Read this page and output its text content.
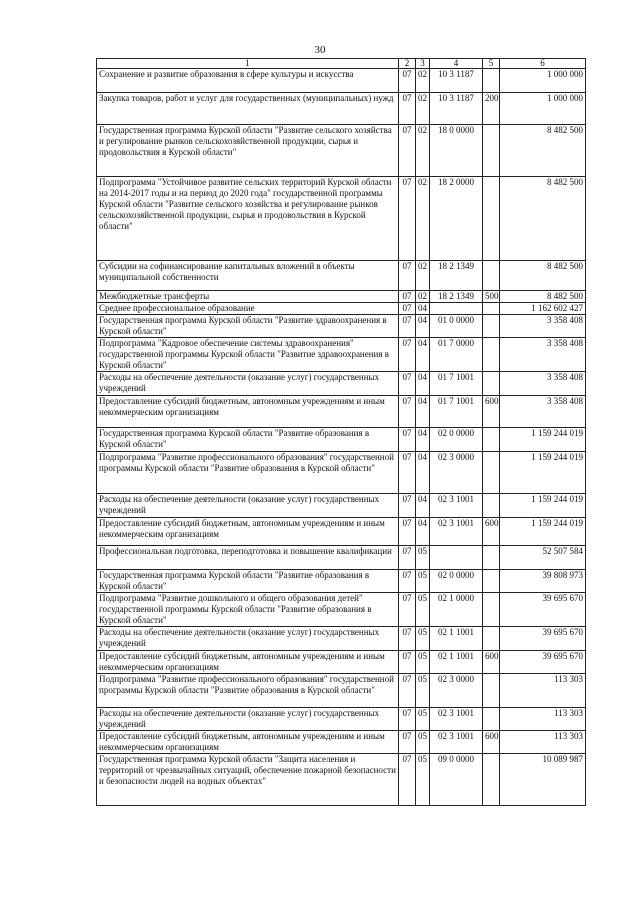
30
1	2	3	4	5	6
Сохранение и развитие образования в сфере культуры и искусства	07	02	10 3 1187		1 000 000
Закупка товаров, работ и услуг для государственных (муниципальных) нужд	07	02	10 3 1187	200	1 000 000
Государственная программа Курской области "Развитие сельского хозяйства и регулирование рынков сельскохозяйственной продукции, сырья и продовольствия в Курской области"	07	02	18 0 0000		8 482 500
Подпрограмма "Устойчивое развитие сельских территорий Курской области на 2014-2017 годы и на период до 2020 года" государственной программы Курской области "Развитие сельского хозяйства и регулирование рынков сельскохозяйственной продукции, сырья и продовольствия в Курской области"	07	02	18 2 0000		8 482 500
Субсидии на софинансирование капитальных вложений в объекты муниципальной собственности	07	02	18 2 1349		8 482 500
Межбюджетные трансферты	07	02	18 2 1349	500	8 482 500
Среднее профессиональное образование	07	04			1 162 602 427
Государственная программа Курской области "Развитие здравоохранения в Курской области"	07	04	01 0 0000		3 358 408
Подпрограмма "Кадровое обеспечение системы здравоохранения" государственной программы Курской области "Развитие здравоохранения в Курской области"	07	04	01 7 0000		3 358 408
Расходы на обеспечение деятельности (оказание услуг) государственных учреждений	07	04	01 7 1001		3 358 408
Предоставление субсидий бюджетным, автономным учреждениям и иным некоммерческим организациям	07	04	01 7 1001	600	3 358 408
Государственная программа Курской области "Развитие образования в Курской области"	07	04	02 0 0000		1 159 244 019
Подпрограмма "Развитие профессионального образования" государственной программы Курской области "Развитие образования в Курской области"	07	04	02 3 0000		1 159 244 019
Расходы на обеспечение деятельности (оказание услуг) государственных учреждений	07	04	02 3 1001		1 159 244 019
Предоставление субсидий бюджетным, автономным учреждениям и иным некоммерческим организациям	07	04	02 3 1001	600	1 159 244 019
Профессиональная подготовка, переподготовка и повышение квалификации	07	05			52 507 584
Государственная программа Курской области "Развитие образования в Курской области"	07	05	02 0 0000		39 808 973
Подпрограмма "Развитие дошкольного и общего образования детей" государственной программы Курской области "Развитие образования в Курской области"	07	05	02 1 0000		39 695 670
Расходы на обеспечение деятельности (оказание услуг) государственных учреждений	07	05	02 1 1001		39 695 670
Предоставление субсидий бюджетным, автономным учреждениям и иным некоммерческим организациям	07	05	02 1 1001	600	39 695 670
Подпрограмма "Развитие профессионального образования" государственной программы Курской области "Развитие образования в Курской области"	07	05	02 3 0000		113 303
Расходы на обеспечение деятельности (оказание услуг) государственных учреждений	07	05	02 3 1001		113 303
Предоставление субсидий бюджетным, автономным учреждениям и иным некоммерческим организациям	07	05	02 3 1001	600	113 303
Государственная программа Курской области "Защита населения и территорий от чрезвычайных ситуаций, обеспечение пожарной безопасности и безопасности людей на водных объектах"	07	05	09 0 0000		10 089 987
